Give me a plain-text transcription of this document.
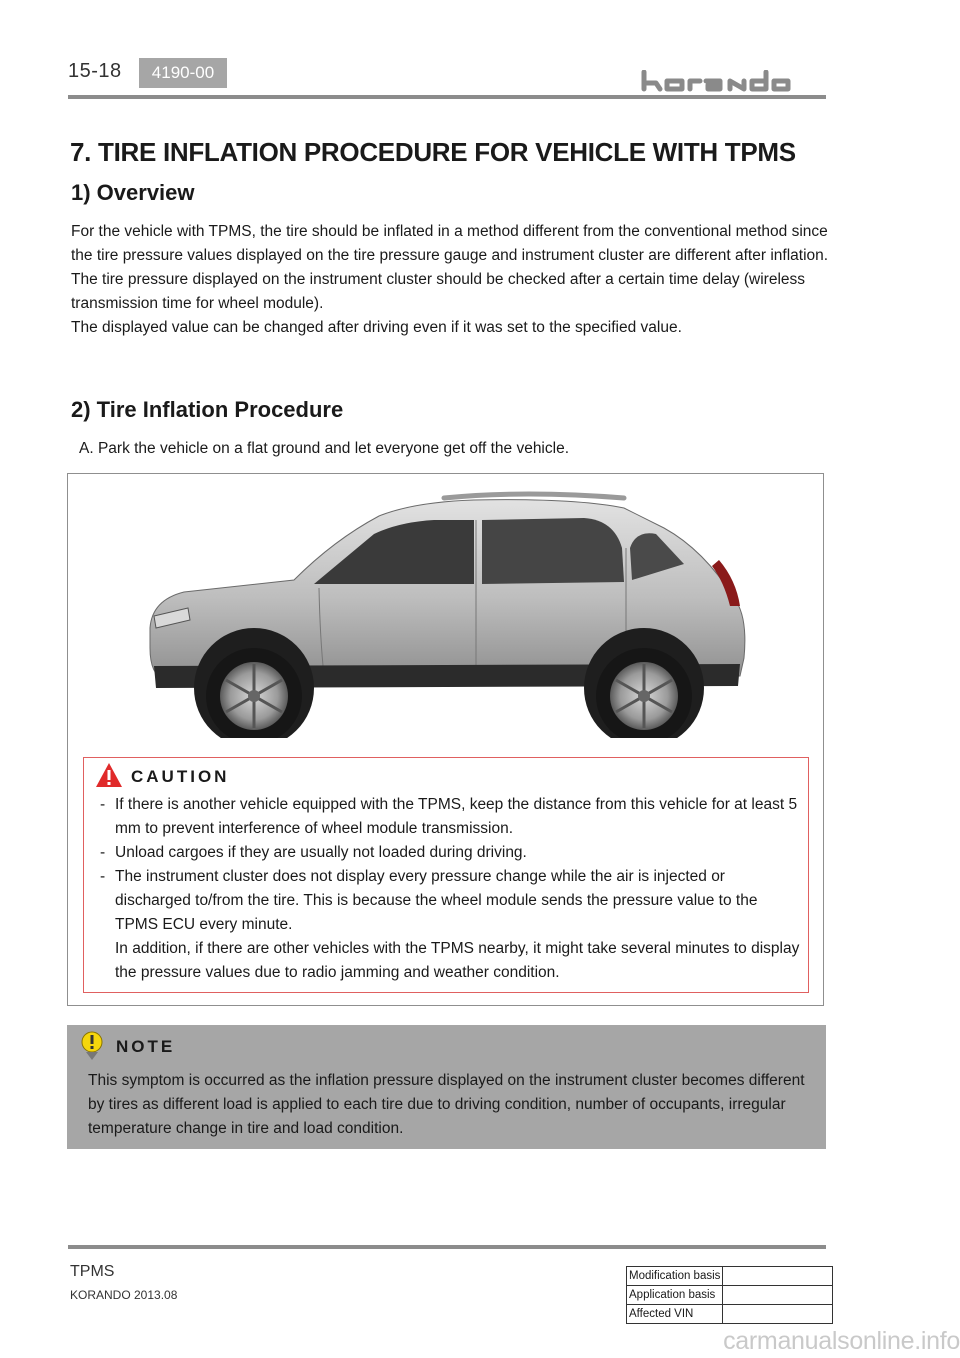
15-18	4190-00
7. TIRE INFLATION PROCEDURE FOR VEHICLE WITH TPMS
1) Overview

For the vehicle with TPMS, the tire should be inflated in a method different from the conventional method since the tire pressure values displayed on the tire pressure gauge and instrument cluster are different after inflation.

The tire pressure displayed on the instrument cluster should be checked after a certain time delay (wireless transmission time for wheel module).

The displayed value can be changed after driving even if it was set to the specified value.

2) Tire Inflation Procedure
A. Park the vehicle on a flat ground and let everyone get off the vehicle.
CAUTION
- If there is another vehicle equipped with the TPMS, keep the distance from this vehicle for at least 5 mm to prevent interference of wheel module transmission.
- Unload cargoes if they are usually not loaded during driving.
- The instrument cluster does not display every pressure change while the air is injected or discharged to/from the tire. This is because the wheel module sends the pressure value to the TPMS ECU every minute.
In addition, if there are other vehicles with the TPMS nearby, it might take several minutes to display the pressure values due to radio jamming and weather condition.
NOTE
This symptom is occurred as the inflation pressure displayed on the instrument cluster becomes different by tires as different load is applied to each tire due to driving condition, number of occupants, irregular temperature change in tire and load condition.
TPMS
KORANDO 2013.08
Modification basis	
Application basis	
Affected VIN	
carmanualsonline.info
